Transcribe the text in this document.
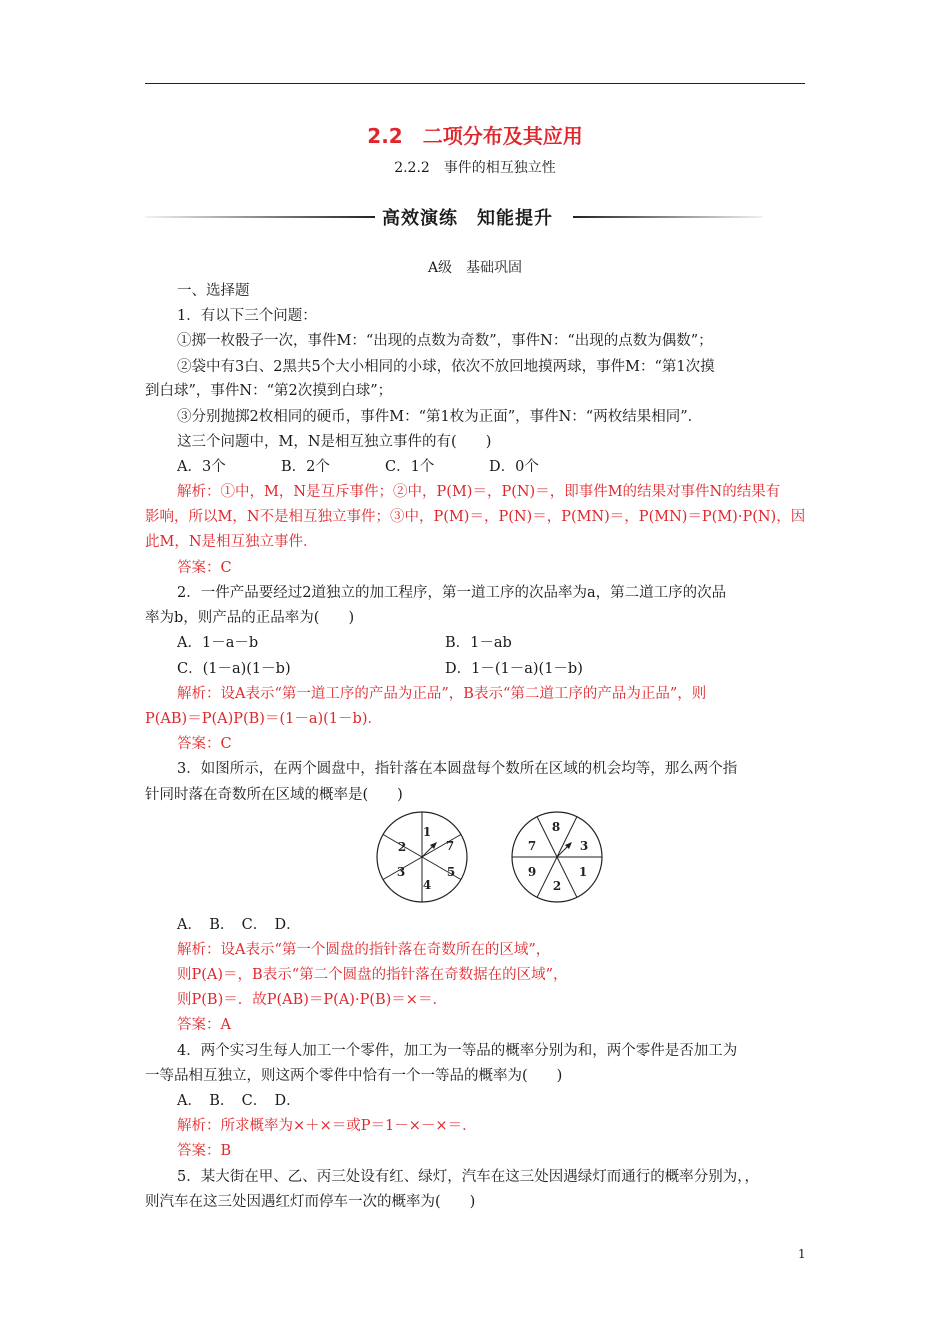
2.2　二项分布及其应用
2.2.2　事件的相互独立性
高效演练　知能提升
A级　基础巩固
一、选择题
1．有以下三个问题：
①掷一枚骰子一次，事件M：“出现的点数为奇数”，事件N：“出现的点数为偶数”；
②袋中有3白、2黑共5个大小相同的小球，依次不放回地摸两球，事件M：“第1次摸
到白球”，事件N：“第2次摸到白球”；
③分别抛掷2枚相同的硬币，事件M：“第1枚为正面”，事件N：“两枚结果相同”．
这三个问题中，M，N是相互独立事件的有(　　)
A．3个	B．2个	C．1个	D．0个
解析：①中，M，N是互斥事件；②中，P(M)＝，P(N)＝，即事件M的结果对事件N的结果有
影响，所以M，N不是相互独立事件；③中，P(M)＝，P(N)＝，P(MN)＝，P(MN)＝P(M)·P(N)，因
此M，N是相互独立事件．
答案：C
2．一件产品要经过2道独立的加工程序，第一道工序的次品率为a，第二道工序的次品
率为b，则产品的正品率为(　　)
A．1－a－b	B．1－ab
C．(1－a)(1－b)	D．1－(1－a)(1－b)
解析：设A表示“第一道工序的产品为正品”，B表示“第二道工序的产品为正品”，则
P(AB)＝P(A)P(B)＝(1－a)(1－b)．
答案：C
3．如图所示，在两个圆盘中，指针落在本圆盘每个数所在区域的机会均等，那么两个指
针同时落在奇数所在区域的概率是(　　)
1
7
5
4
3
2
8
3
1
2
9
7
A．　B．　C．　D．
解析：设A表示“第一个圆盘的指针落在奇数所在的区域”，
则P(A)＝，B表示“第二个圆盘的指针落在奇数据在的区域”，
则P(B)＝．故P(AB)＝P(A)·P(B)＝×＝．
答案：A
4．两个实习生每人加工一个零件，加工为一等品的概率分别为和，两个零件是否加工为
一等品相互独立，则这两个零件中恰有一个一等品的概率为(　　)
A．　B．　C．　D．
解析：所求概率为×＋×＝或P＝1－×－×＝．
答案：B
5．某大街在甲、乙、丙三处设有红、绿灯，汽车在这三处因遇绿灯而通行的概率分别为，，
则汽车在这三处因遇红灯而停车一次的概率为(　　)
1
